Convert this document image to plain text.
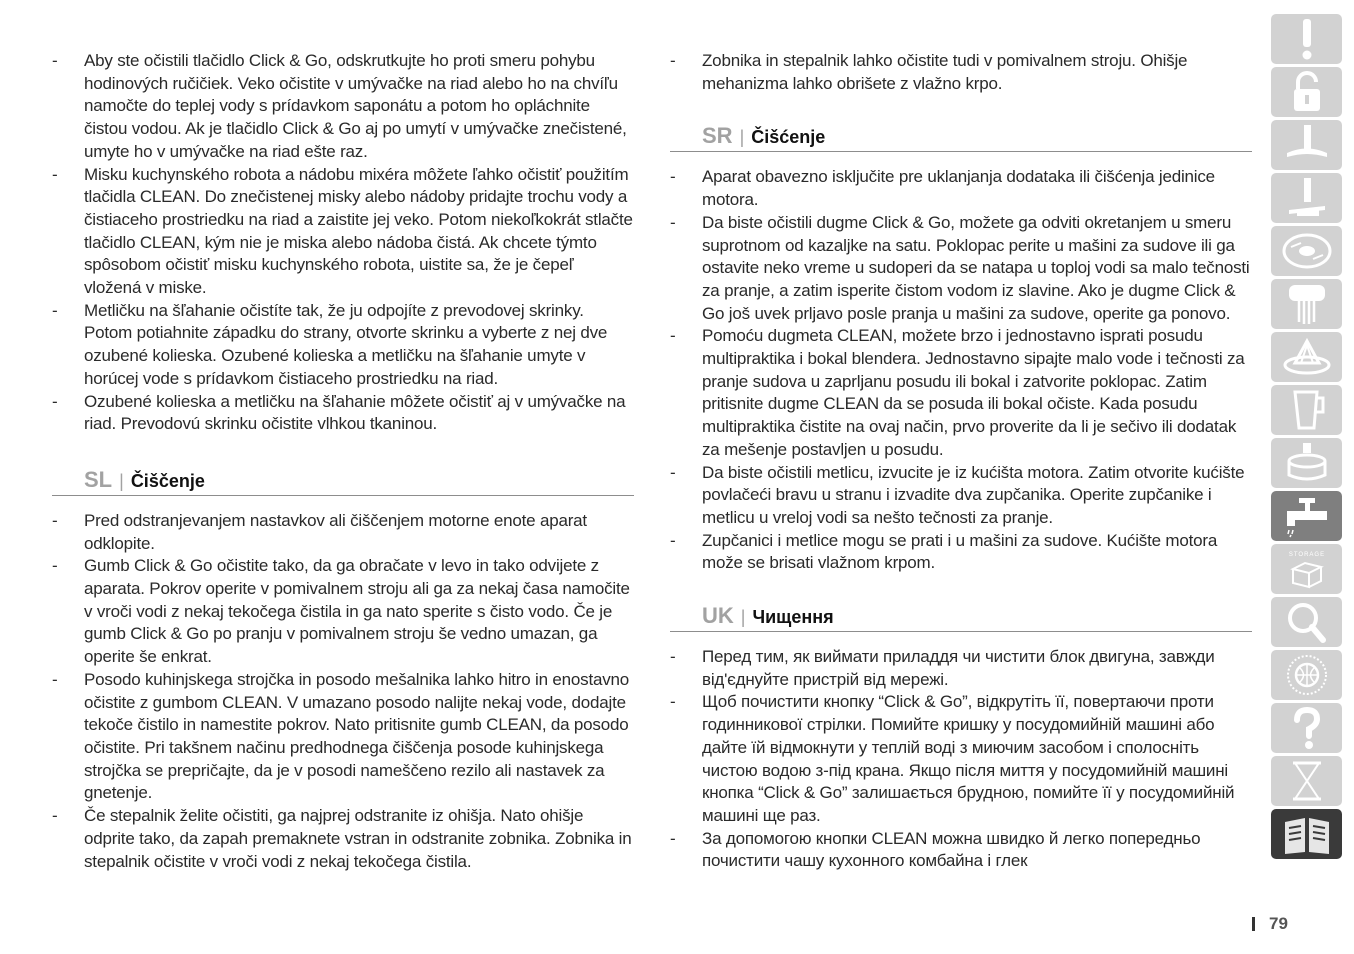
- Aby ste očistili tlačidlo Click & Go, odskrutkujte ho proti smeru pohybu hodinových ručičiek. Veko očistite v umývačke na riad alebo ho na chvíľu namočte do teplej vody s prídavkom saponátu a potom ho opláchnite čistou vodou. Ak je tlačidlo Click & Go aj po umytí v umývačke znečistené, umyte ho v umývačke na riad ešte raz.
- Misku kuchynského robota a nádobu mixéra môžete ľahko očistiť použitím tlačidla CLEAN. Do znečistenej misky alebo nádoby pridajte trochu vody a čistiaceho prostriedku na riad a zaistite jej veko. Potom niekoľkokrát stlačte tlačidlo CLEAN, kým nie je miska alebo nádoba čistá. Ak chcete týmto spôsobom očistiť misku kuchynského robota, uistite sa, že je čepeľ vložená v miske.
- Metličku na šľahanie očistíte tak, že ju odpojíte z prevodovej skrinky. Potom potiahnite západku do strany, otvorte skrinku a vyberte z nej dve ozubené kolieska. Ozubené kolieska a metličku na šľahanie umyte v horúcej vode s prídavkom čistiaceho prostriedku na riad.
- Ozubené kolieska a metličku na šľahanie môžete očistiť aj v umývačke na riad. Prevodovú skrinku očistite vlhkou tkaninou.
SL | Čiščenje
- Pred odstranjevanjem nastavkov ali čiščenjem motorne enote aparat odklopite.
- Gumb Click & Go očistite tako, da ga obračate v levo in tako odvijete z aparata. Pokrov operite v pomivalnem stroju ali ga za nekaj časa namočite v vroči vodi z nekaj tekočega čistila in ga nato sperite s čisto vodo. Če je gumb Click & Go po pranju v pomivalnem stroju še vedno umazan, ga operite še enkrat.
- Posodo kuhinjskega strojčka in posodo mešalnika lahko hitro in enostavno očistite z gumbom CLEAN. V umazano posodo nalijte nekaj vode, dodajte tekoče čistilo in namestite pokrov. Nato pritisnite gumb CLEAN, da posodo očistite. Pri takšnem načinu predhodnega čiščenja posode kuhinjskega strojčka se prepričajte, da je v posodi nameščeno rezilo ali nastavek za gnetenje.
- Če stepalnik želite očistiti, ga najprej odstranite iz ohišja. Nato ohišje odprite tako, da zapah premaknete vstran in odstranite zobnika. Zobnika in stepalnik očistite v vroči vodi z nekaj tekočega čistila.
- Zobnika in stepalnik lahko očistite tudi v pomivalnem stroju. Ohišje mehanizma lahko obrišete z vlažno krpo.
SR | Čišćenje
- Aparat obavezno isključite pre uklanjanja dodataka ili čišćenja jedinice motora.
- Da biste očistili dugme Click & Go, možete ga odviti okretanjem u smeru suprotnom od kazaljke na satu. Poklopac perite u mašini za sudove ili ga ostavite neko vreme u sudoperi da se natapa u toploj vodi sa malo tečnosti za pranje, a zatim isperite čistom vodom iz slavine. Ako je dugme Click & Go još uvek prljavo posle pranja u mašini za sudove, operite ga ponovo.
- Pomoću dugmeta CLEAN, možete brzo i jednostavno isprati posudu multipraktika i bokal blendera. Jednostavno sipajte malo vode i tečnosti za pranje sudova u zaprljanu posudu ili bokal i zatvorite poklopac. Zatim pritisnite dugme CLEAN da se posuda ili bokal očiste. Kada posudu multipraktika čistite na ovaj način, prvo proverite da li je sečivo ili dodatak za mešenje postavljen u posudu.
- Da biste očistili metlicu, izvucite je iz kućišta motora. Zatim otvorite kućište povlačeći bravu u stranu i izvadite dva zupčanika. Operite zupčanike i metlicu u vreloj vodi sa nešto tečnosti za pranje.
- Zupčanici i metlice mogu se prati i u mašini za sudove. Kućište motora može se brisati vlažnom krpom.
UK | Чищення
- Перед тим, як виймати приладдя чи чистити блок двигуна, завжди від'єднуйте пристрій від мережі.
- Щоб почистити кнопку “Click & Go”, відкрутіть її, повертаючи проти годинникової стрілки. Помийте кришку у посудомийній машині або дайте їй відмокнути у теплій воді з миючим засобом і сполосніть чистою водою з-під крана. Якщо після миття у посудомийній машині кнопка “Click & Go” залишається брудною, помийте її у посудомийній машині ще раз.
- За допомогою кнопки CLEAN можна швидко й легко попередньо почистити чашу кухонного комбайна і глек
STORAGE
79
